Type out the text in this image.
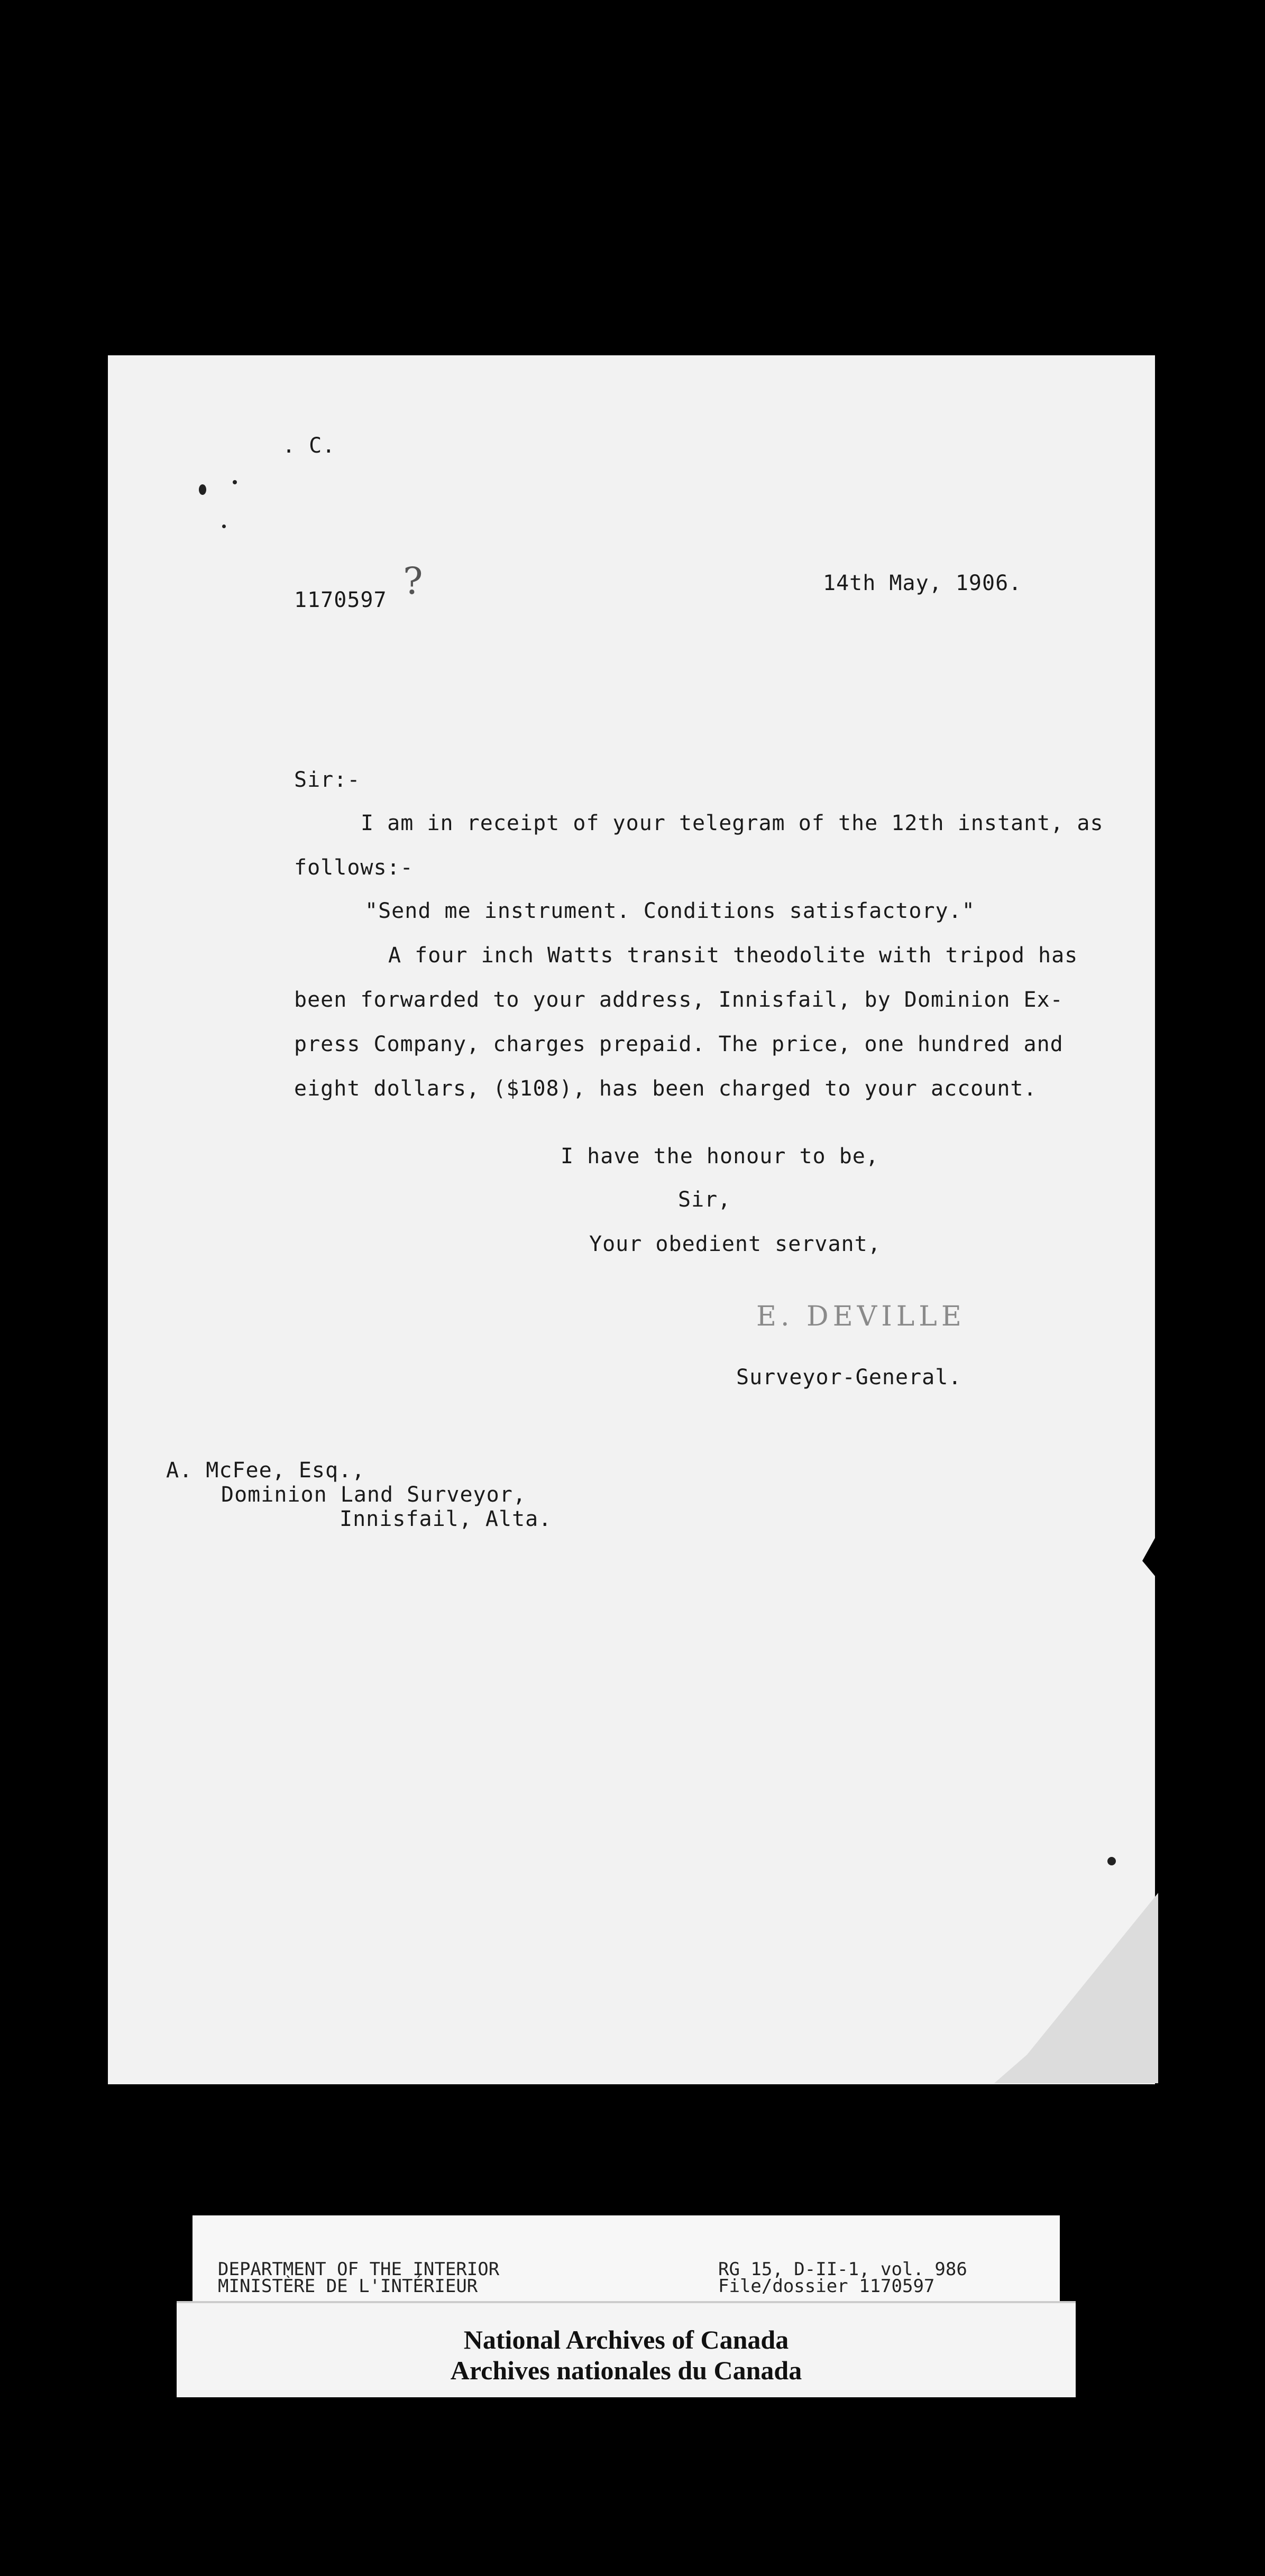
. C.
1170597 ?	14th May, 1906.
Sir:-
I am in receipt of your telegram of the 12th instant, as
follows:-
"Send me instrument. Conditions satisfactory."
A four inch Watts transit theodolite with tripod has
been forwarded to your address, Innisfail, by Dominion Ex-
press Company, charges prepaid. The price, one hundred and
eight dollars, ($108), has been charged to your account.
I have the honour to be,
Sir,
Your obedient servant,
E. DEVILLE
Surveyor-General.
A. McFee, Esq.,
Dominion Land Surveyor,
Innisfail, Alta.
DEPARTMENT OF THE INTERIOR
MINISTÈRE DE L'INTÉRIEUR
RG 15, D-II-1, vol. 986
File/dossier 1170597
National Archives of Canada
Archives nationales du Canada
